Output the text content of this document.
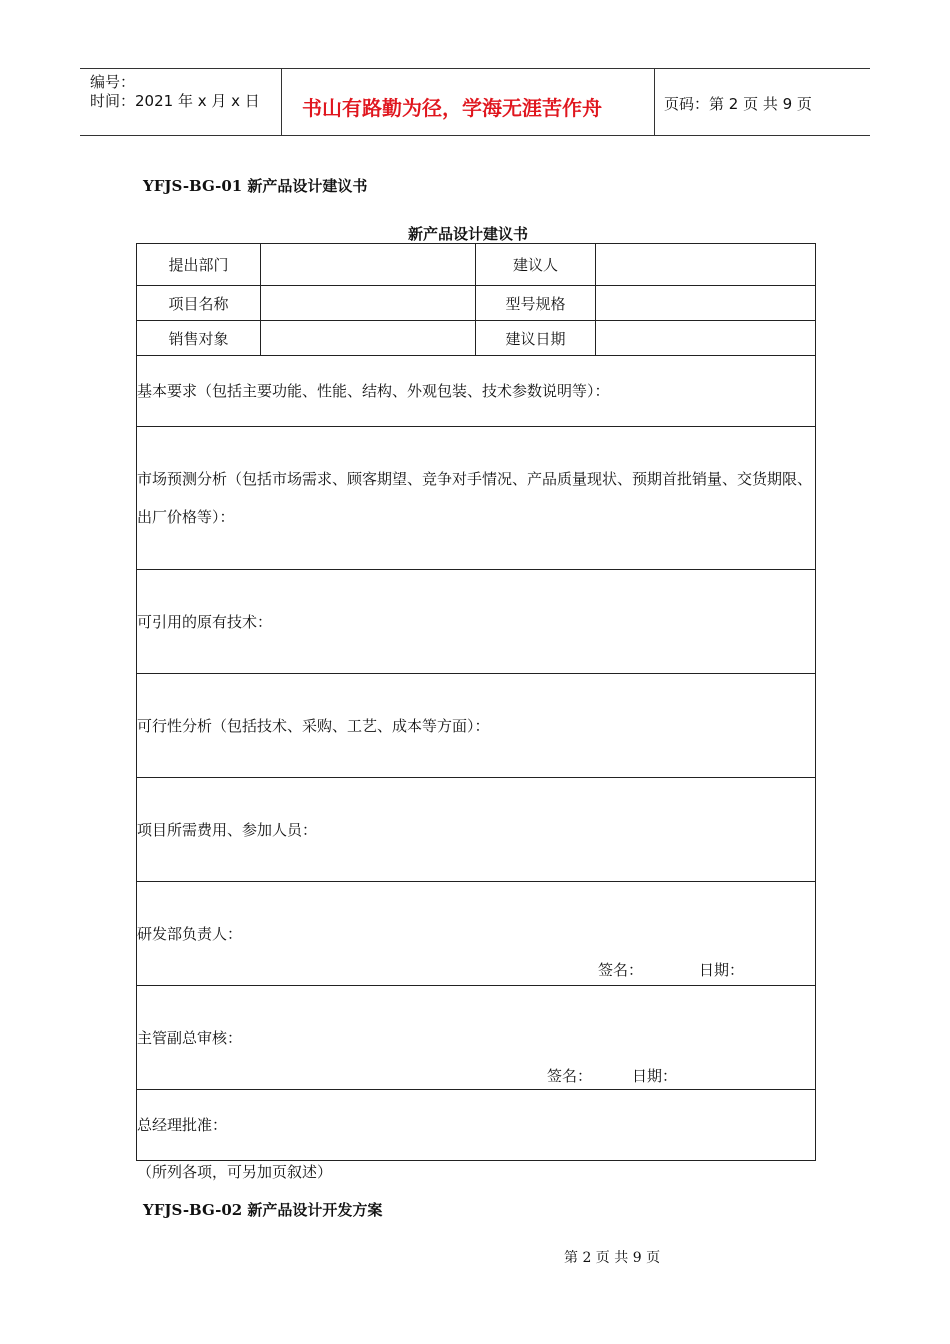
编号：
时间：2021 年 x 月 x 日 书山有路勤为径，学海无涯苦作舟	页码：第 2 页 共 9 页
YFJS-BG-01 新产品设计建议书
新产品设计建议书
提出部门		建议人	
项目名称		型号规格	
销售对象		建议日期	

基本要求（包括主要功能、性能、结构、外观包装、技术参数说明等）：			

市场预测分析（包括市场需求、顾客期望、竞争对手情况、产品质量现状、预期首批销量、交货期限、出厂价格等）：			

可引用的原有技术：			

可行性分析（包括技术、采购、工艺、成本等方面）：			

项目所需费用、参加人员：			

研发部负责人：
签名： 日期：			

主管副总审核：
签名： 日期：			

总经理批准：			
（所列各项，可另加页叙述）
YFJS-BG-02 新产品设计开发方案
第 2 页 共 9 页
